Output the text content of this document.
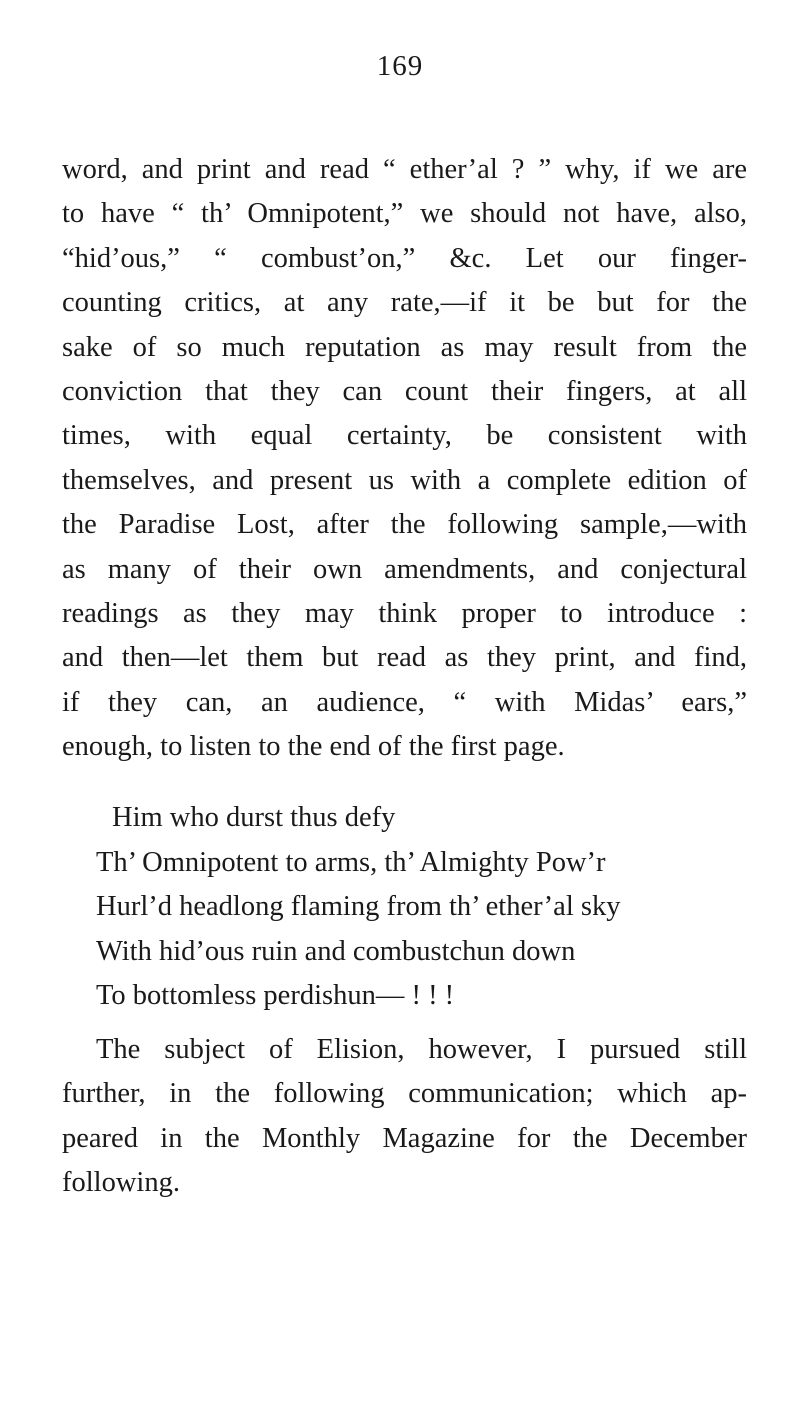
169
word, and print and read “ ether’al ? ” why, if we are
to have “ th’ Omnipotent,” we should not have, also,
“hid’ous,” “ combust’on,” &c. Let our finger-
counting critics, at any rate,—if it be but for the
sake of so much reputation as may result from the
conviction that they can count their fingers, at all
times, with equal certainty, be consistent with
themselves, and present us with a complete edition of
the Paradise Lost, after the following sample,—with
as many of their own amendments, and conjectural
readings as they may think proper to introduce :
and then—let them but read as they print, and find,
if they can, an audience, “ with Midas’ ears,”
enough, to listen to the end of the first page.
Him who durst thus defy
Th’ Omnipotent to arms, th’ Almighty Pow’r
Hurl’d headlong flaming from th’ ether’al sky
With hid’ous ruin and combustchun down
To bottomless perdishun— ! ! !
The subject of Elision, however, I pursued still
further, in the following communication; which ap-
peared in the Monthly Magazine for the December
following.
